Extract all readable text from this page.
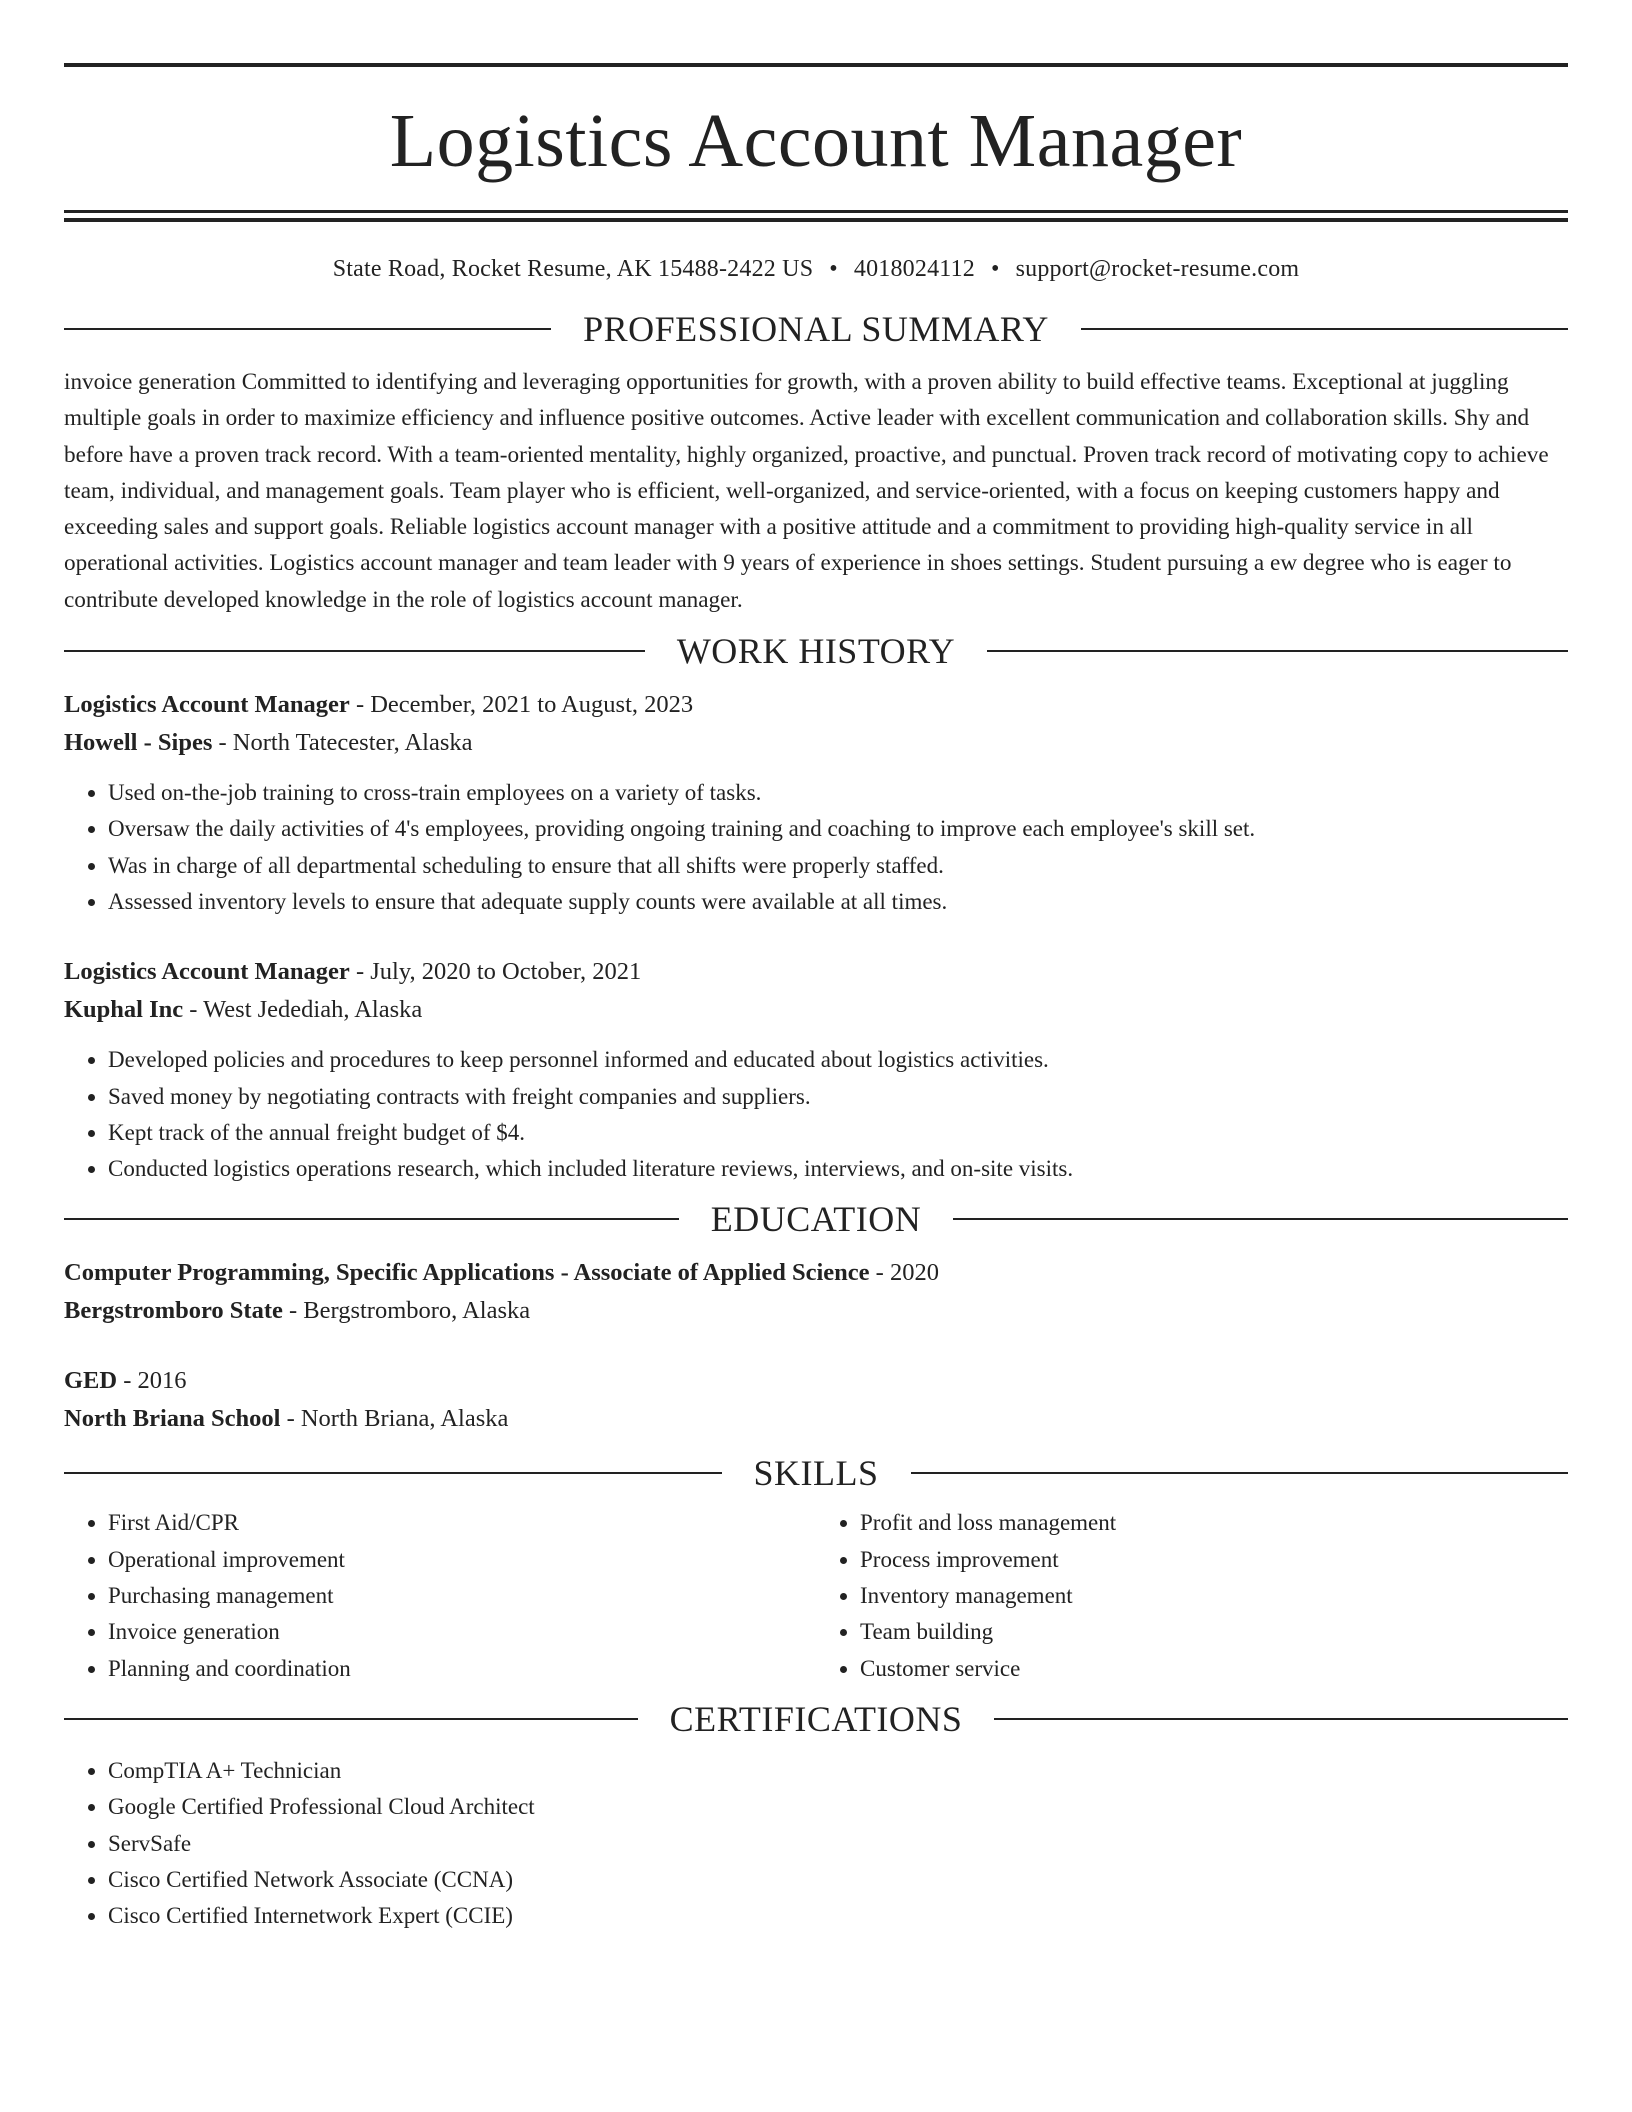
Logistics Account Manager
State Road, Rocket Resume, AK 15488-2422 US • 4018024112 • support@rocket-resume.com
PROFESSIONAL SUMMARY

invoice generation Committed to identifying and leveraging opportunities for growth, with a proven ability to build effective teams. Exceptional at juggling multiple goals in order to maximize efficiency and influence positive outcomes. Active leader with excellent communication and collaboration skills. Shy and before have a proven track record. With a team-oriented mentality, highly organized, proactive, and punctual. Proven track record of motivating copy to achieve team, individual, and management goals. Team player who is efficient, well-organized, and service-oriented, with a focus on keeping customers happy and exceeding sales and support goals. Reliable logistics account manager with a positive attitude and a commitment to providing high-quality service in all operational activities. Logistics account manager and team leader with 9 years of experience in shoes settings. Student pursuing a ew degree who is eager to contribute developed knowledge in the role of logistics account manager.

WORK HISTORY
Logistics Account Manager - December, 2021 to August, 2023
Howell - Sipes - North Tatecester, Alaska
• Used on-the-job training to cross-train employees on a variety of tasks.
• Oversaw the daily activities of 4's employees, providing ongoing training and coaching to improve each employee's skill set.
• Was in charge of all departmental scheduling to ensure that all shifts were properly staffed.
• Assessed inventory levels to ensure that adequate supply counts were available at all times.
Logistics Account Manager - July, 2020 to October, 2021
Kuphal Inc - West Jedediah, Alaska
• Developed policies and procedures to keep personnel informed and educated about logistics activities.
• Saved money by negotiating contracts with freight companies and suppliers.
• Kept track of the annual freight budget of $4.
• Conducted logistics operations research, which included literature reviews, interviews, and on-site visits.
EDUCATION
Computer Programming, Specific Applications - Associate of Applied Science - 2020
Bergstromboro State - Bergstromboro, Alaska
GED - 2016
North Briana School - North Briana, Alaska
SKILLS
• First Aid/CPR
• Operational improvement
• Purchasing management
• Invoice generation
• Planning and coordination
• Profit and loss management
• Process improvement
• Inventory management
• Team building
• Customer service
CERTIFICATIONS
• CompTIA A+ Technician
• Google Certified Professional Cloud Architect
• ServSafe
• Cisco Certified Network Associate (CCNA)
• Cisco Certified Internetwork Expert (CCIE)
